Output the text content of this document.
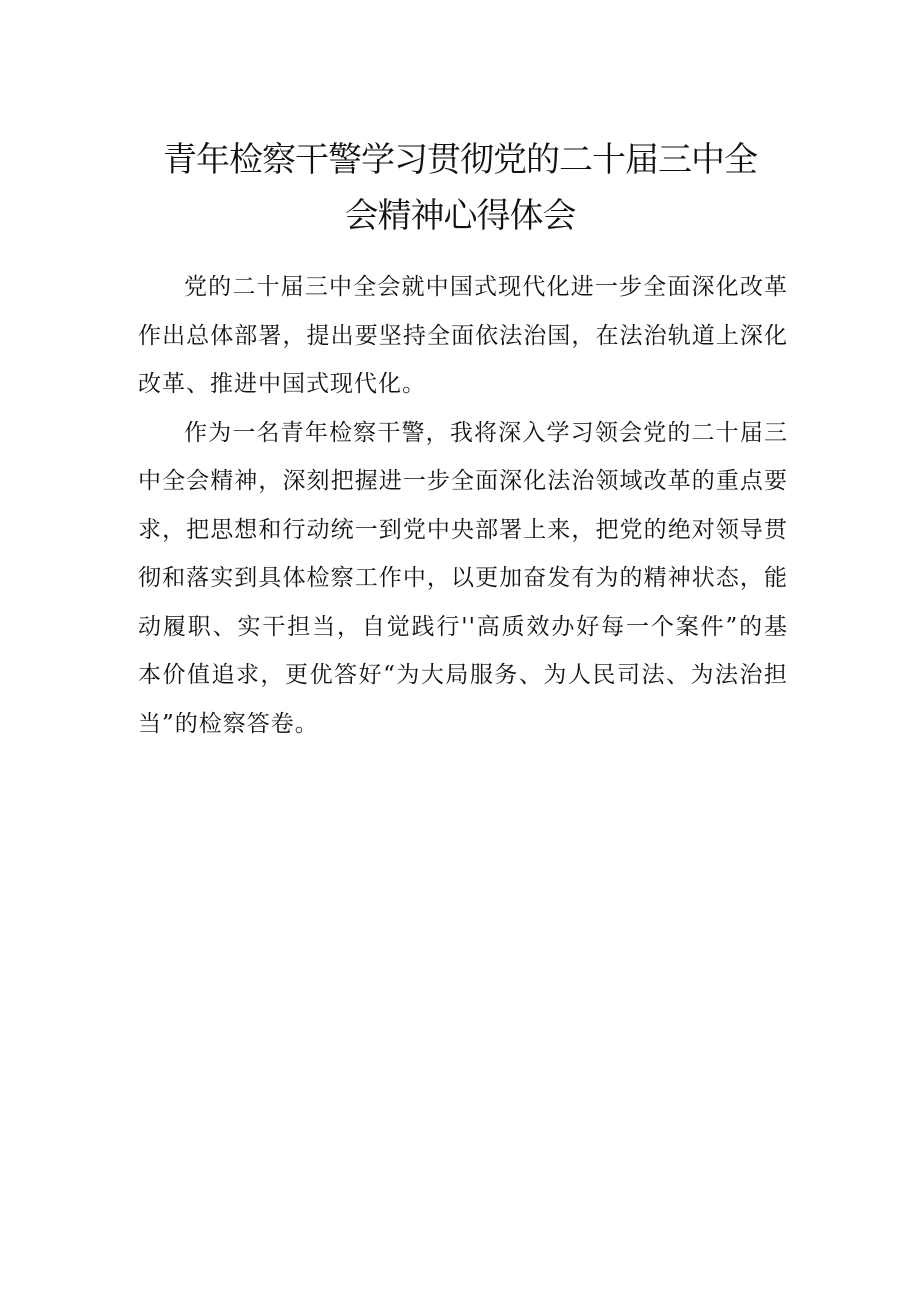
青年检察干警学习贯彻党的二十届三中全
会精神心得体会

党的二十届三中全会就中国式现代化进一步全面深化改革作出总体部署，提出要坚持全面依法治国，在法治轨道上深化改革、推进中国式现代化。

作为一名青年检察干警，我将深入学习领会党的二十届三中全会精神，深刻把握进一步全面深化法治领域改革的重点要求，把思想和行动统一到党中央部署上来，把党的绝对领导贯彻和落实到具体检察工作中，以更加奋发有为的精神状态，能动履职、实干担当，自觉践行''高质效办好每一个案件”的基本价值追求，更优答好“为大局服务、为人民司法、为法治担当”的检察答卷。
